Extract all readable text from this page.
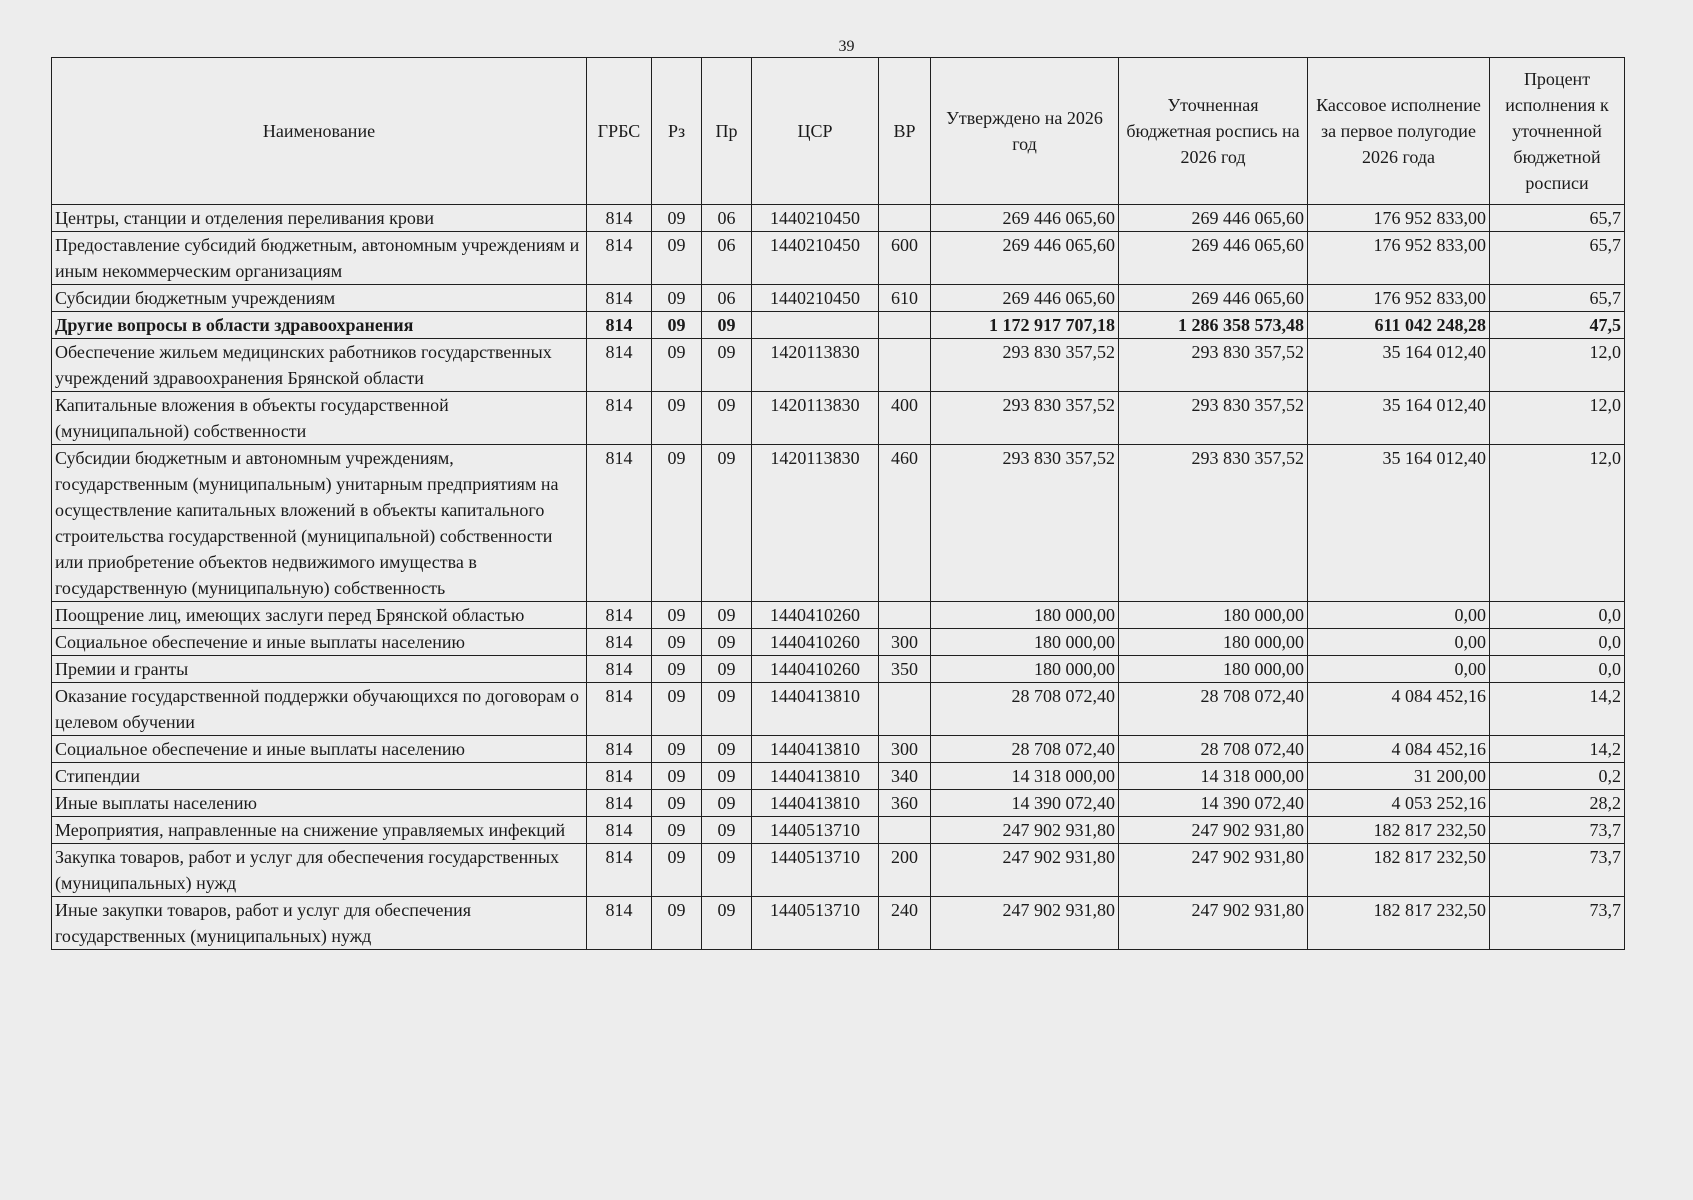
39
Наименование	ГРБС	Рз	Пр	ЦСР	ВР	Утверждено на 2026 год	Уточненная бюджетная роспись на 2026 год	Кассовое исполнение за первое полугодие 2026 года	Процент исполнения к уточненной бюджетной росписи
Центры, станции и отделения переливания крови	814	09	06	1440210450		269 446 065,60	269 446 065,60	176 952 833,00	65,7
Предоставление субсидий бюджетным, автономным учреждениям и иным некоммерческим организациям	814	09	06	1440210450	600	269 446 065,60	269 446 065,60	176 952 833,00	65,7
Субсидии бюджетным учреждениям	814	09	06	1440210450	610	269 446 065,60	269 446 065,60	176 952 833,00	65,7
Другие вопросы в области здравоохранения	814	09	09			1 172 917 707,18	1 286 358 573,48	611 042 248,28	47,5
Обеспечение жильем медицинских работников государственных учреждений здравоохранения Брянской области	814	09	09	1420113830		293 830 357,52	293 830 357,52	35 164 012,40	12,0
Капитальные вложения в объекты государственной (муниципальной) собственности	814	09	09	1420113830	400	293 830 357,52	293 830 357,52	35 164 012,40	12,0
Субсидии бюджетным и автономным учреждениям, государственным (муниципальным) унитарным предприятиям на осуществление капитальных вложений в объекты капитального строительства государственной (муниципальной) собственности или приобретение объектов недвижимого имущества в государственную (муниципальную) собственность	814	09	09	1420113830	460	293 830 357,52	293 830 357,52	35 164 012,40	12,0
Поощрение лиц, имеющих заслуги перед Брянской областью	814	09	09	1440410260		180 000,00	180 000,00	0,00	0,0
Социальное обеспечение и иные выплаты населению	814	09	09	1440410260	300	180 000,00	180 000,00	0,00	0,0
Премии и гранты	814	09	09	1440410260	350	180 000,00	180 000,00	0,00	0,0
Оказание государственной поддержки обучающихся по договорам о целевом обучении	814	09	09	1440413810		28 708 072,40	28 708 072,40	4 084 452,16	14,2
Социальное обеспечение и иные выплаты населению	814	09	09	1440413810	300	28 708 072,40	28 708 072,40	4 084 452,16	14,2
Стипендии	814	09	09	1440413810	340	14 318 000,00	14 318 000,00	31 200,00	0,2
Иные выплаты населению	814	09	09	1440413810	360	14 390 072,40	14 390 072,40	4 053 252,16	28,2
Мероприятия, направленные на снижение управляемых инфекций	814	09	09	1440513710		247 902 931,80	247 902 931,80	182 817 232,50	73,7
Закупка товаров, работ и услуг для обеспечения государственных (муниципальных) нужд	814	09	09	1440513710	200	247 902 931,80	247 902 931,80	182 817 232,50	73,7
Иные закупки товаров, работ и услуг для обеспечения государственных (муниципальных) нужд	814	09	09	1440513710	240	247 902 931,80	247 902 931,80	182 817 232,50	73,7
